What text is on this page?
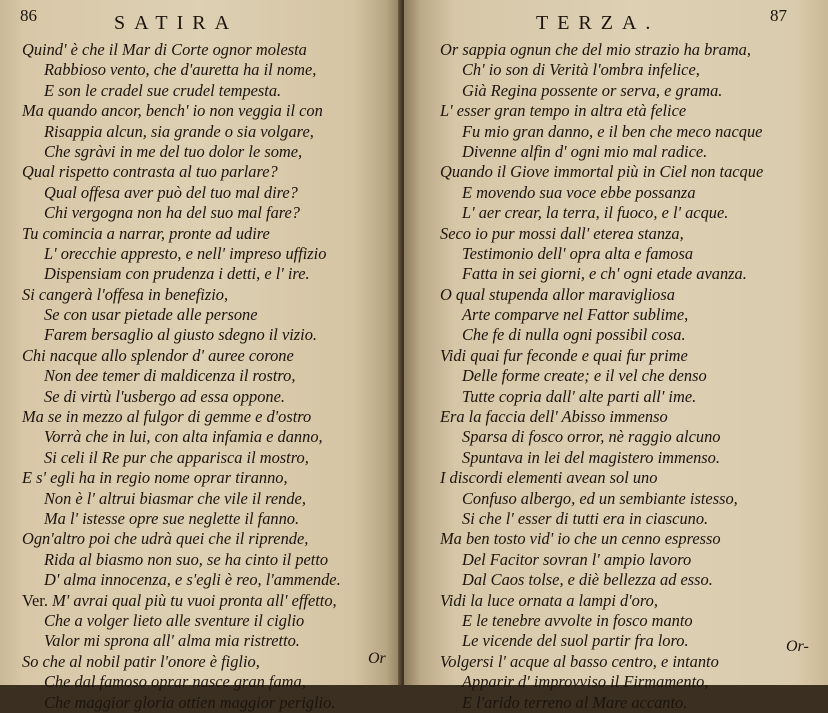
86	SATIRA
Quind' è che il Mar di Corte ognor molesta
Rabbioso vento, che d'auretta ha il nome,
E son le cradel sue crudel tempesta.
Ma quando ancor, bench' io non veggia il con
Risappia alcun, sia grande o sia volgare,
Che sgràvi in me del tuo dolor le some,
Qual rispetto contrasta al tuo parlare?
Qual offesa aver può del tuo mal dire?
Chi vergogna non ha del suo mal fare?
Tu comincia a narrar, pronte ad udire
L' orecchie appresto, e nell' impreso uffizio
Dispensiam con prudenza i detti, e l' ire.
Si cangerà l'offesa in benefizio,
Se con usar pietade alle persone
Farem bersaglio al giusto sdegno il vizio.
Chi nacque allo splendor d' auree corone
Non dee temer di maldicenza il rostro,
Se di virtù l'usbergo ad essa oppone.
Ma se in mezzo al fulgor di gemme e d'ostro
Vorrà che in lui, con alta infamia e danno,
Si celi il Re pur che apparisca il mostro,
E s' egli ha in regio nome oprar tiranno,
Non è l' altrui biasmar che vile il rende,
Ma l' istesse opre sue neglette il fanno.
Ogn'altro poi che udrà quei che il riprende,
Rida al biasmo non suo, se ha cinto il petto
D' alma innocenza, e s'egli è reo, l'ammende.
Ver. M' avrai qual più tu vuoi pronta all' effetto,
Che a volger lieto alle sventure il ciglio
Valor mi sprona all' alma mia ristretto.
So che al nobil patir l'onore è figlio,
Che dal famoso oprar nasce gran fama,
Che maggior gloria ottien maggior periglio.
Or
TERZA.	87
Or sappia ognun che del mio strazio ha brama,
Ch' io son di Verità l'ombra infelice,
Già Regina possente or serva, e grama.
L' esser gran tempo in altra età felice
Fu mio gran danno, e il ben che meco nacque
Divenne alfin d' ogni mio mal radice.
Quando il Giove immortal più in Ciel non tacque
E movendo sua voce ebbe possanza
L' aer crear, la terra, il fuoco, e l' acque.
Seco io pur mossi dall' eterea stanza,
Testimonio dell' opra alta e famosa
Fatta in sei giorni, e ch' ogni etade avanza.
O qual stupenda allor maravigliosa
Arte comparve nel Fattor sublime,
Che fe di nulla ogni possibil cosa.
Vidi quai fur feconde e quai fur prime
Delle forme create; e il vel che denso
Tutte copria dall' alte parti all' ime.
Era la faccia dell' Abisso immenso
Sparsa di fosco orror, nè raggio alcuno
Spuntava in lei del magistero immenso.
I discordi elementi avean sol uno
Confuso albergo, ed un sembiante istesso,
Si che l' esser di tutti era in ciascuno.
Ma ben tosto vid' io che un cenno espresso
Del Facitor sovran l' ampio lavoro
Dal Caos tolse, e diè bellezza ad esso.
Vidi la luce ornata a lampi d'oro,
E le tenebre avvolte in fosco manto
Le vicende del suol partir fra loro.
Volgersi l' acque al basso centro, e intanto
Apparir d' improvviso il Firmamento,
E l'arido terreno al Mare accanto.
Or-
